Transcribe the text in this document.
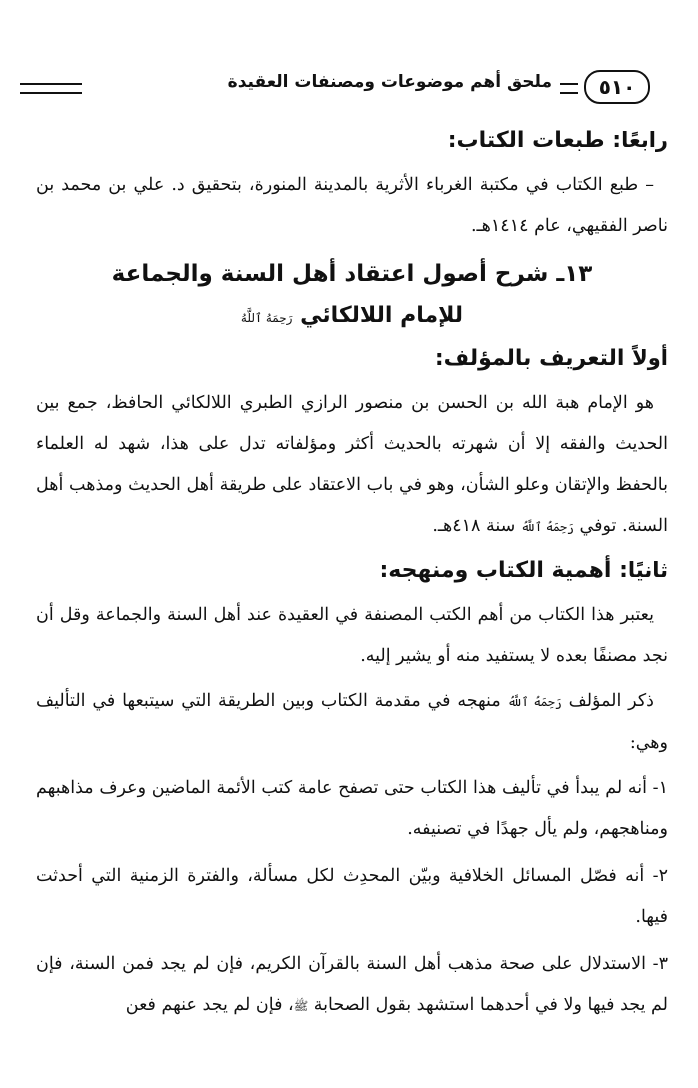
٥١٠
ملحق أهم موضوعات ومصنفات العقيدة
رابعًا: طبعات الكتاب:

– طبع الكتاب في مكتبة الغرباء الأثرية بالمدينة المنورة، بتحقيق د. علي بن محمد بن ناصر الفقيهي، عام ١٤١٤هـ.

١٣ـ شرح أصول اعتقاد أهل السنة والجماعة
للإمام اللالكائي رَحِمَهُ ٱللَّهُ
أولاً التعريف بالمؤلف:

هو الإمام هبة الله بن الحسن بن منصور الرازي الطبري اللالكائي الحافظ، جمع بين الحديث والفقه إلا أن شهرته بالحديث أكثر ومؤلفاته تدل على هذا، شهد له العلماء بالحفظ والإتقان وعلو الشأن، وهو في باب الاعتقاد على طريقة أهل الحديث ومذهب أهل السنة. توفي رَحِمَهُ ٱللَّهُ سنة ٤١٨هـ.

ثانيًا: أهمية الكتاب ومنهجه:

يعتبر هذا الكتاب من أهم الكتب المصنفة في العقيدة عند أهل السنة والجماعة وقل أن نجد مصنفًا بعده لا يستفيد منه أو يشير إليه.

ذكر المؤلف رَحِمَهُ ٱللَّهُ منهجه في مقدمة الكتاب وبين الطريقة التي سيتبعها في التأليف وهي:

١- أنه لم يبدأ في تأليف هذا الكتاب حتى تصفح عامة كتب الأئمة الماضين وعرف مذاهبهم ومناهجهم، ولم يأل جهدًا في تصنيفه.

٢- أنه فصّل المسائل الخلافية وبيّن المحدِث لكل مسألة، والفترة الزمنية التي أحدثت فيها.

٣- الاستدلال على صحة مذهب أهل السنة بالقرآن الكريم، فإن لم يجد فمن السنة، فإن لم يجد فيها ولا في أحدهما استشهد بقول الصحابة ﷺ، فإن لم يجد عنهم فعن
